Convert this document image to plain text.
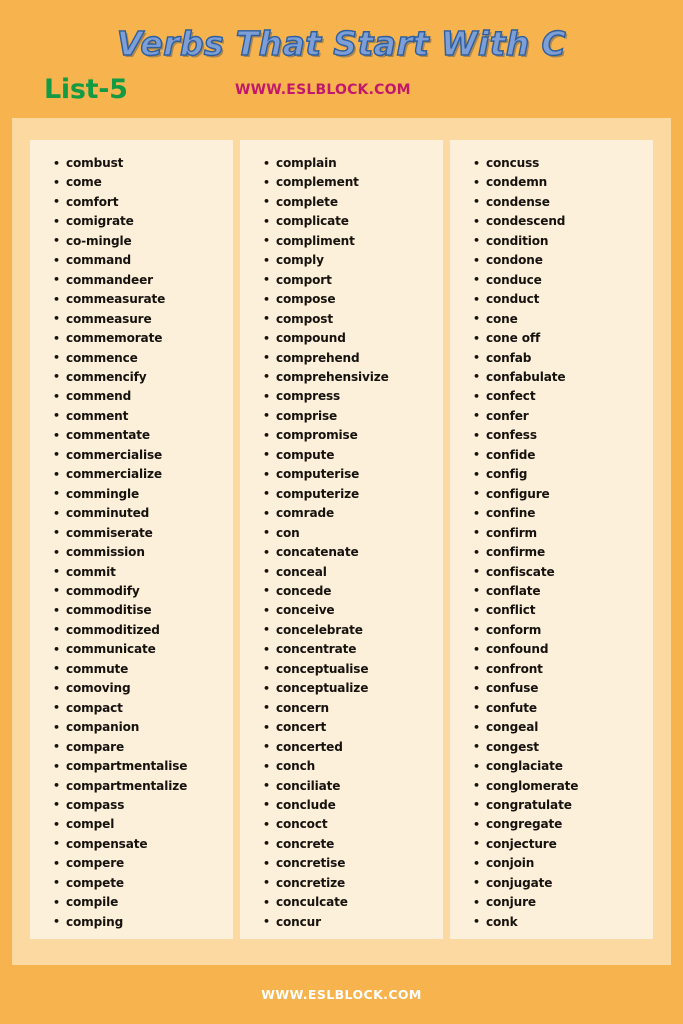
Verbs That Start With C
List-5	WWW.ESLBLOCK.COM
• combust
• come
• comfort
• comigrate
• co-mingle
• command
• commandeer
• commeasurate
• commeasure
• commemorate
• commence
• commencify
• commend
• comment
• commentate
• commercialise
• commercialize
• commingle
• comminuted
• commiserate
• commission
• commit
• commodify
• commoditise
• commoditized
• communicate
• commute
• comoving
• compact
• companion
• compare
• compartmentalise
• compartmentalize
• compass
• compel
• compensate
• compere
• compete
• compile
• comping
• complain
• complement
• complete
• complicate
• compliment
• comply
• comport
• compose
• compost
• compound
• comprehend
• comprehensivize
• compress
• comprise
• compromise
• compute
• computerise
• computerize
• comrade
• con
• concatenate
• conceal
• concede
• conceive
• concelebrate
• concentrate
• conceptualise
• conceptualize
• concern
• concert
• concerted
• conch
• conciliate
• conclude
• concoct
• concrete
• concretise
• concretize
• conculcate
• concur
• concuss
• condemn
• condense
• condescend
• condition
• condone
• conduce
• conduct
• cone
• cone off
• confab
• confabulate
• confect
• confer
• confess
• confide
• config
• configure
• confine
• confirm
• confirme
• confiscate
• conflate
• conflict
• conform
• confound
• confront
• confuse
• confute
• congeal
• congest
• conglaciate
• conglomerate
• congratulate
• congregate
• conjecture
• conjoin
• conjugate
• conjure
• conk
WWW.ESLBLOCK.COM
